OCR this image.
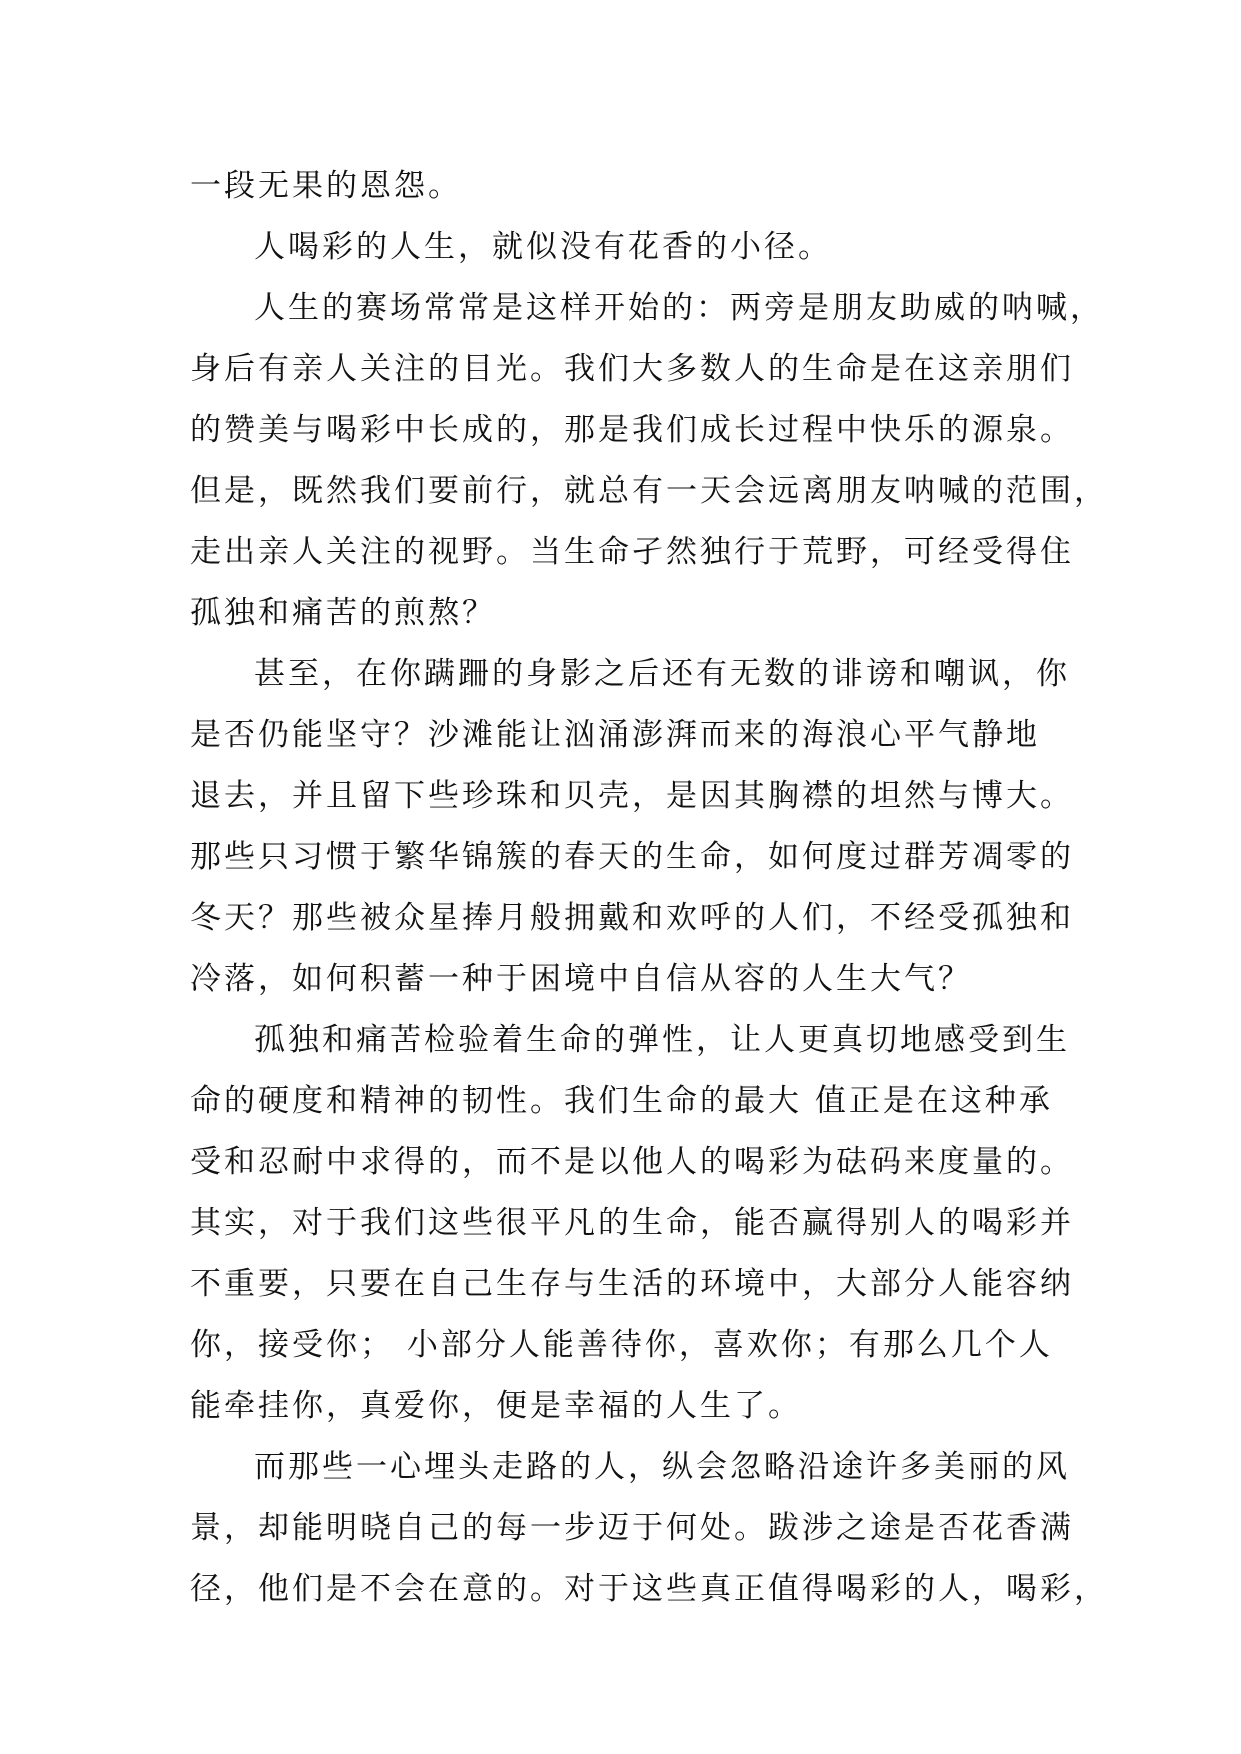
一段无果的恩怨。
人喝彩的人生，就似没有花香的小径。
人生的赛场常常是这样开始的：两旁是朋友助威的呐喊，
身后有亲人关注的目光。我们大多数人的生命是在这亲朋们
的赞美与喝彩中长成的，那是我们成长过程中快乐的源泉。
但是，既然我们要前行，就总有一天会远离朋友呐喊的范围，
走出亲人关注的视野。当生命孑然独行于荒野，可经受得住
孤独和痛苦的煎熬？
甚至，在你蹒跚的身影之后还有无数的诽谤和嘲讽，你
是否仍能坚守？沙滩能让汹涌澎湃而来的海浪心平气静地
退去，并且留下些珍珠和贝壳，是因其胸襟的坦然与博大。
那些只习惯于繁华锦簇的春天的生命，如何度过群芳凋零的
冬天？那些被众星捧月般拥戴和欢呼的人们，不经受孤独和
冷落，如何积蓄一种于困境中自信从容的人生大气？
孤独和痛苦检验着生命的弹性，让人更真切地感受到生
命的硬度和精神的韧性。我们生命的最大 值正是在这种承
受和忍耐中求得的，而不是以他人的喝彩为砝码来度量的。
其实，对于我们这些很平凡的生命，能否赢得别人的喝彩并
不重要，只要在自己生存与生活的环境中，大部分人能容纳
你，接受你； 小部分人能善待你，喜欢你；有那么几个人
能牵挂你，真爱你，便是幸福的人生了。
而那些一心埋头走路的人，纵会忽略沿途许多美丽的风
景，却能明晓自己的每一步迈于何处。跋涉之途是否花香满
径，他们是不会在意的。对于这些真正值得喝彩的人，喝彩，
